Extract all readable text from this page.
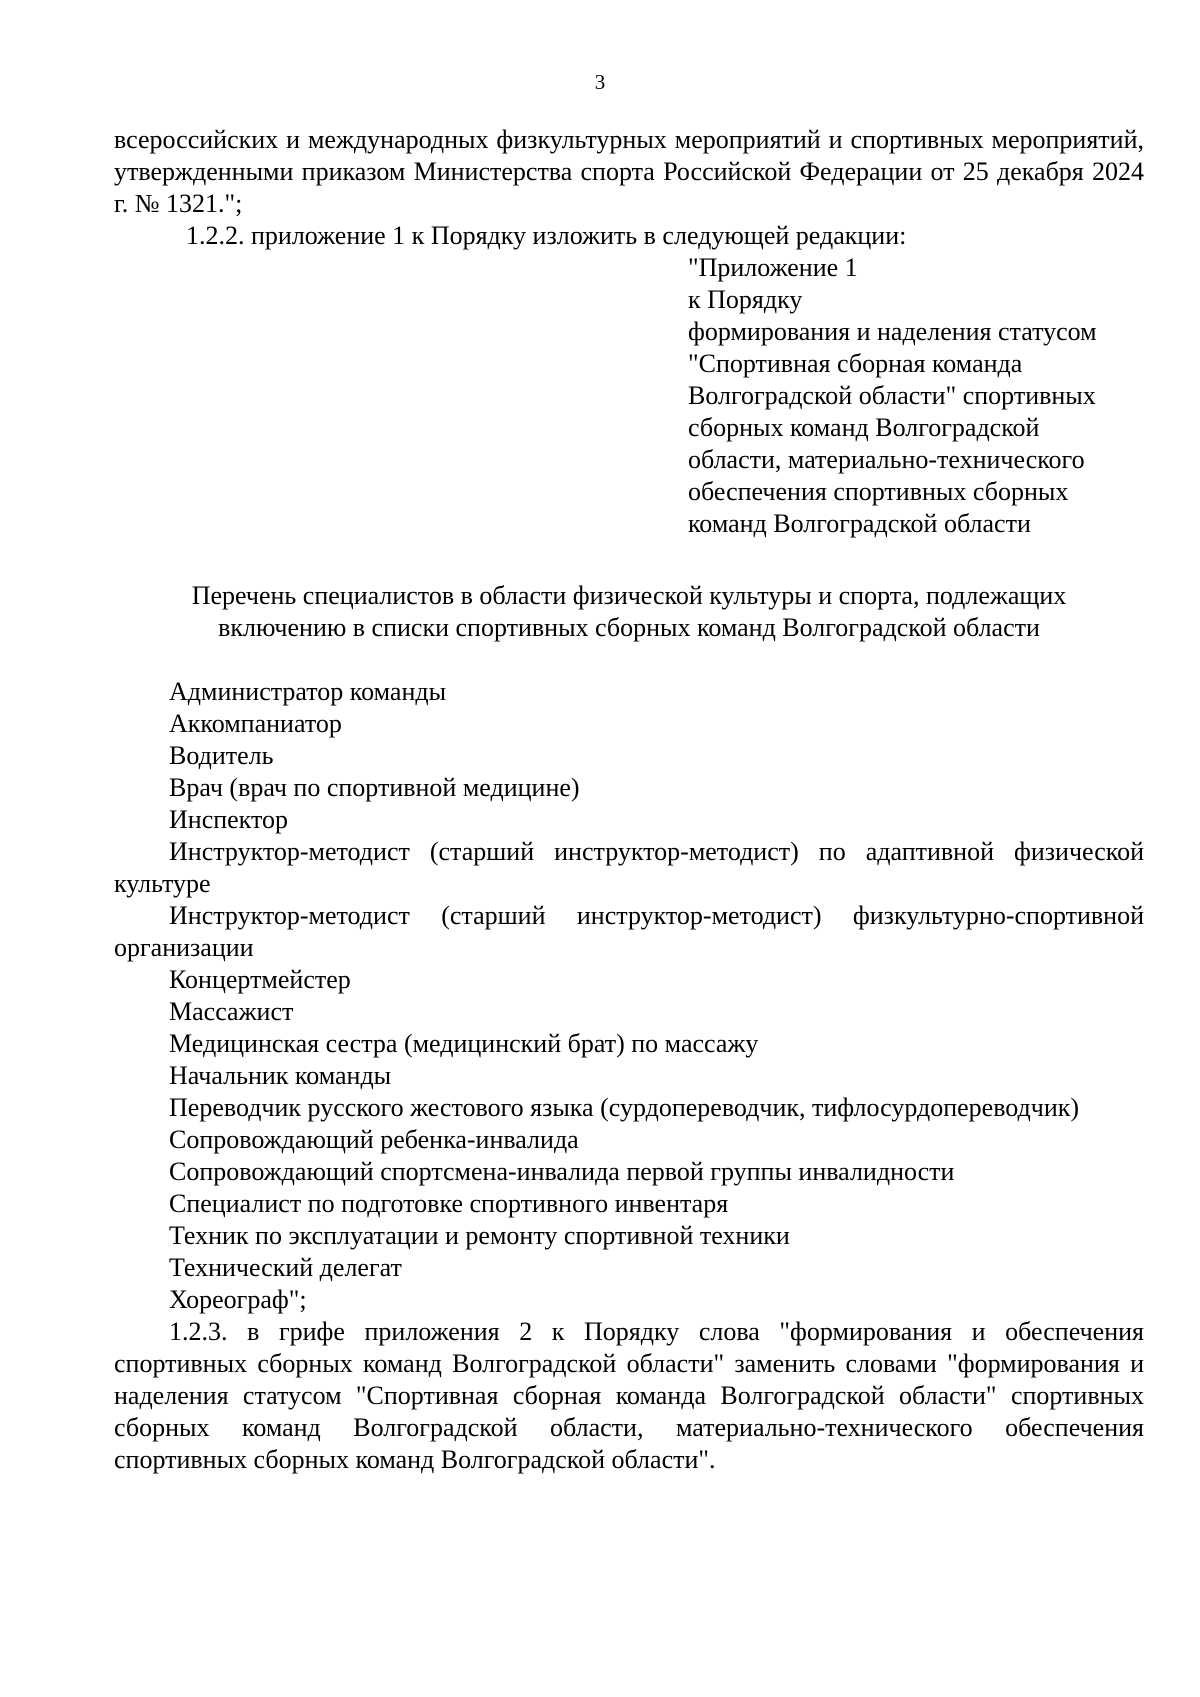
3

всероссийских и международных физкультурных мероприятий и спортивных мероприятий, утвержденными приказом Министерства спорта Российской Федерации от 25 декабря 2024 г. № 1321.";

1.2.2. приложение 1 к Порядку изложить в следующей редакции:

"Приложение 1
к Порядку
формирования и наделения статусом
"Спортивная сборная команда
Волгоградской области" спортивных
сборных команд Волгоградской
области, материально-технического
обеспечения спортивных сборных
команд Волгоградской области
Перечень специалистов в области физической культуры и спорта, подлежащих
включению в списки спортивных сборных команд Волгоградской области

Администратор команды

Аккомпаниатор

Водитель

Врач (врач по спортивной медицине)

Инспектор

Инструктор-методист (старший инструктор-методист) по адаптивной физической культуре

Инструктор-методист (старший инструктор-методист) физкультурно-спортивной организации

Концертмейстер

Массажист

Медицинская сестра (медицинский брат) по массажу

Начальник команды

Переводчик русского жестового языка (сурдопереводчик, тифлосурдопереводчик)

Сопровождающий ребенка-инвалида

Сопровождающий спортсмена-инвалида первой группы инвалидности

Специалист по подготовке спортивного инвентаря

Техник по эксплуатации и ремонту спортивной техники

Технический делегат

Хореограф";

1.2.3. в грифе приложения 2 к Порядку слова "формирования и обеспечения спортивных сборных команд Волгоградской области" заменить словами "формирования и наделения статусом "Спортивная сборная команда Волгоградской области" спортивных сборных команд Волгоградской области, материально-технического обеспечения спортивных сборных команд Волгоградской области".
